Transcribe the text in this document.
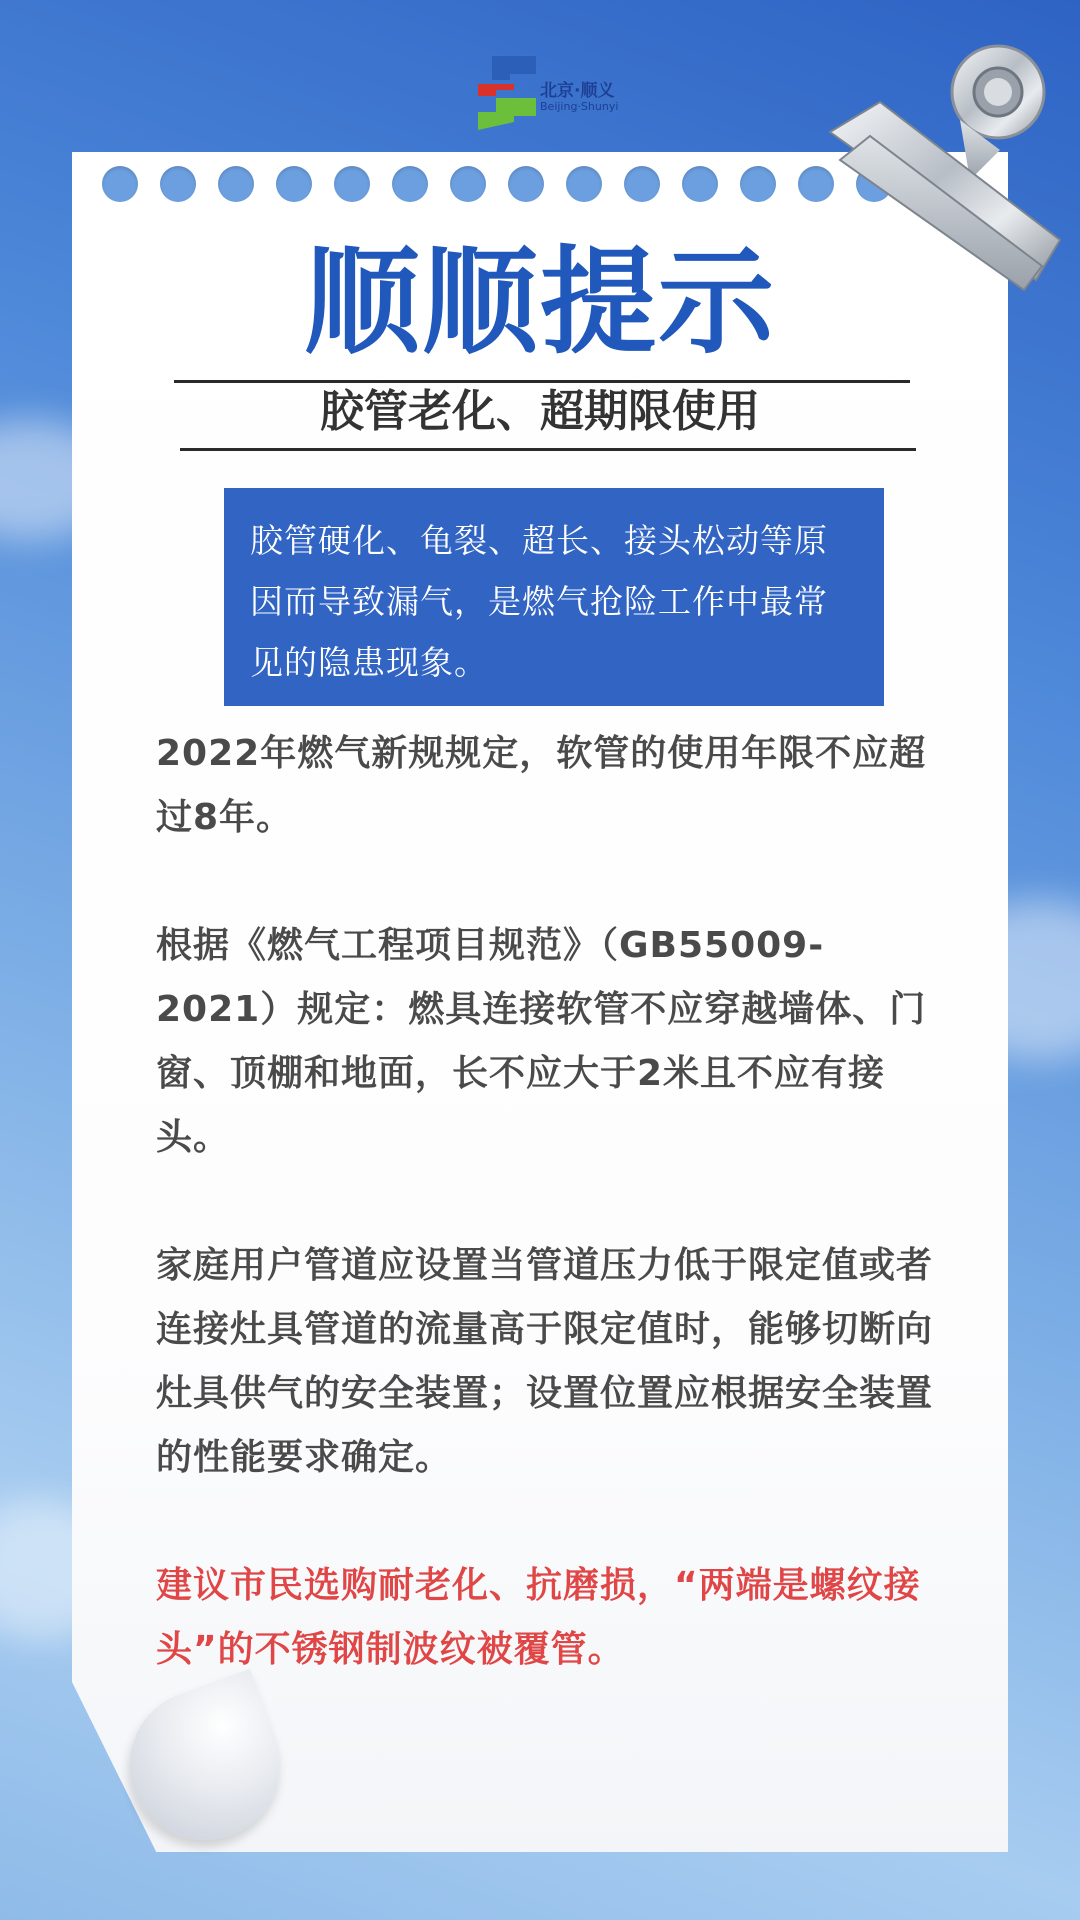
北京·顺义
Beijing·Shunyi
顺顺提示
胶管老化、超期限使用
胶管硬化、龟裂、超长、接头松动等原因而导致漏气，是燃气抢险工作中最常见的隐患现象。
2022年燃气新规规定，软管的使用年限不应超过8年。
根据《燃气工程项目规范》（GB55009-2021）规定：燃具连接软管不应穿越墙体、门窗、顶棚和地面，长不应大于2米且不应有接头。
家庭用户管道应设置当管道压力低于限定值或者连接灶具管道的流量高于限定值时，能够切断向灶具供气的安全装置；设置位置应根据安全装置的性能要求确定。
建议市民选购耐老化、抗磨损，“两端是螺纹接头”的不锈钢制波纹被覆管。
